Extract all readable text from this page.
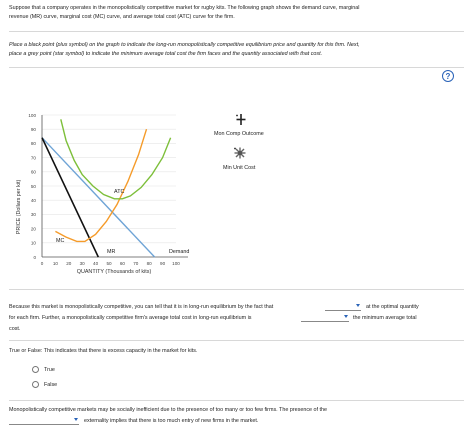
Suppose that a company operates in the monopolistically competitive market for rugby kits. The following graph shows the demand curve, marginal
revenue (MR) curve, marginal cost (MC) curve, and average total cost (ATC) curve for the firm.
Place a black point (plus symbol) on the graph to indicate the long-run monopolistically competitive equilibrium price and quantity for this firm. Next,
place a grey point (star symbol) to indicate the minimum average total cost the firm faces and the quantity associated with that cost.
?
PRICE (Dollars per kit)
100
90
80
70
60
50
40
30
20
10
0
0 10 20 30 40 50 60 70 80 90 100
ATC
MC
MR	Demand
QUANTITY (Thousands of kits)
Mon Comp Outcome
Min Unit Cost
Because this market is monopolistically competitive, you can tell that it is in long-run equilibrium by the fact that	at the optimal quantity
for each firm. Further, a monopolistically competitive firm's average total cost in long-run equilibrium is	the minimum average total
cost.
True or False: This indicates that there is excess capacity in the market for kits.
True
False
Monopolistically competitive markets may be socially inefficient due to the presence of too many or too few firms. The presence of the
externality implies that there is too much entry of new firms in the market.
